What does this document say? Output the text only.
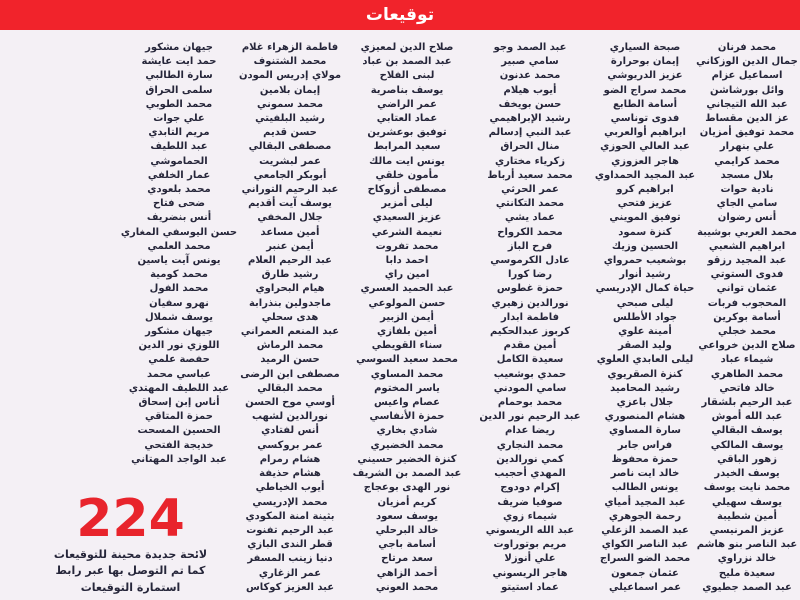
توقيعات
محمد فرنان
جمال الدين الوزكاني
اسماعيل عزام
وائل بورشاشن
عبد الله التيجاني
عز الدين مقساط
محمد توفيق أمزيان
علي بنهرار
محمد كرايمي
بلال مسجد
نادية حوات
سامي الجاي
أنس رضوان
محمد العربي بوشيبة
ابراهيم الشعبي
عبد المجيد رزقو
فدوى الستوتي
عثمان تواني
المحجوب فربات
أسامة بوكرين
محمد خجلي
صلاح الدين خرواعي
شيماء عباد
محمد الطاهري
خالد فاتحي
عبد الرحيم بلشقار
عبد الله أموش
يوسف البقالي
يوسف المالكي
زهور الباقي
يوسف الخيدر
محمد نايت يوسف
يوسف سهيلي
أمين شطيبة
عزيز المرنيسي
عبد الناصر بنو هاشم
خالد نزراوي
سعيدة مليح
عبد الصمد جطيوي
صبحة السياري
إيمان بوحرارة
عزيز الدريوشي
محمد سراج الضو
أسامة الطابع
فدوى توناسي
ابراهيم أوالعربي
عبد العالي الحوزي
هاجر العزوزي
عبد المجيد الحمداوي
ابراهيم كرو
عزيز فتحي
توفيق المويني
كنزة سمود
الحسين وزيك
بوشعيب حمرواي
رشيد أنوار
حياة كمال الإدريسي
ليلى صبحي
جواد الأطلس
أمينة علوي
وليد الصقر
ليلى العابدي العلوي
كنزة الصقريوي
رشيد المحاميد
جلال باعزي
هشام المنصوري
سارة المساوي
فراس جابر
حمزة محفوظ
خالد ايت ناصر
يونس الطالب
عبد المجيد أمياي
رحمة الجوهري
عبد الصمد الزعلي
عبد الناصر الكواي
محمد الضو السراج
عثمان جمعون
عمر اسماعيلي
عبد الصمد وجو
سامي صبير
محمد عدنون
أيوب هيلام
حسن بويخف
رشيد الإبراهيمي
عبد النبي إدسالم
منال الحراق
زكرياء مختاري
محمد سعيد أرباط
عمر الحرثي
محمد التكانتي
عماد يشي
محمد الكرواح
فرح الباز
عادل الكرموسي
رضا كورا
حمزة غطوس
نورالدين زهيري
فاطمة ابدار
كربوز عبدالحكيم
أمين مقدم
سعيدة الكامل
حمدي بوشعيب
سامي المودني
محمد بوحمام
عبد الرحيم نور الدين
ريضا عدام
محمد النجاري
كمي نورالدين
المهدي أحجيب
إكرام دودوج
صوفيا ضريف
شيماء زوي
عبد الله الريسوني
مريم بوتوراوت
علي أنوزلا
هاجر الريسوني
عماد استيتو
صلاح الدين لمعيزي
عبد الصمد بن عباد
لبنى الفلاح
يوسف بناصرية
عمر الراضي
عماد العتابي
توفيق بوعشرين
سعيد المرابط
يونس ايت مالك
مأمون خلقي
مصطفى أزوكاح
ليلى أمزير
عزيز السعيدي
نعيمة الشرعي
محمد تفروت
احمد دابا
امين راي
عبد الحميد العسري
حسن المولوعي
أيمن الزبير
أمين بلفازي
سناء القويطي
محمد سعيد السوسي
محمد المساوي
ياسر المختوم
عصام واعيس
حمزة الأنفاسي
شادي بخاري
محمد الخضيري
كنزة الخضير حسيني
عبد الصمد بن الشريف
نور الهدى بوعجاج
كريم أمزيان
يوسف سعود
خالد البرحلي
أسامة باجي
سعد مرتاح
أحمد الزاهي
محمد العوني
فاطمة الزهراء غلام
محمد الشتنوف
مولاي إدريس المودن
إيمان بلامين
محمد سموني
رشيد البلفيتي
حسن قديم
مصطفى البقالي
عمر لبشريت
أبوبكر الجامعي
عبد الرحيم التوراني
يوسف آيت أقديم
جلال المخفي
أمين مساعد
أيمن عنبر
عبد الرحيم العلام
رشيد طارق
هيام البحراوي
ماجدولين بنذرابة
هدى سحلي
عبد المنعم العمراني
محمد الرماش
حسن الرميد
مصطفى ابن الرضى
محمد البقالي
أوسي موح الحسن
نورالدين لشهب
أنس لفتادي
عمر بروكسي
هشام رمرام
هشام حذيفة
أيوب الخياطي
محمد الإدريسي
بثينة امنة المكودي
عبد الرحيم تفنوت
قطر الندى البازي
دنيا زينب المسفر
عمر الزغاري
عبد العزيز كوكاس
جيهان مشكور
حمد ايت عايشة
سارة الطالبي
سلمى الحراق
محمد الطوبي
علي جوات
مريم التابدي
عبد اللطيف
الحماموشي
عمار الخلفي
محمد بلعودي
ضحى فتاح
أنس بنضريف
حسن اليوسفي المغاري
محمد العلمي
يونس آيت ياسين
محمد كومية
محمد الفول
نهرو سفيان
يوسف شملال
جيهان مشكور
اللوزي نور الدين
حفصة علمي
عباسي محمد
عبد اللطيف المهتدي
أناس إبن إسحاق
حمزة المتاقي
الحسين المسحت
خديجة الفتحي
عبد الواجد المهتاني
224
لائحة جديدة محينة للتوقيعات
كما تم التوصل بها عبر رابط
استمارة التوقيعات
